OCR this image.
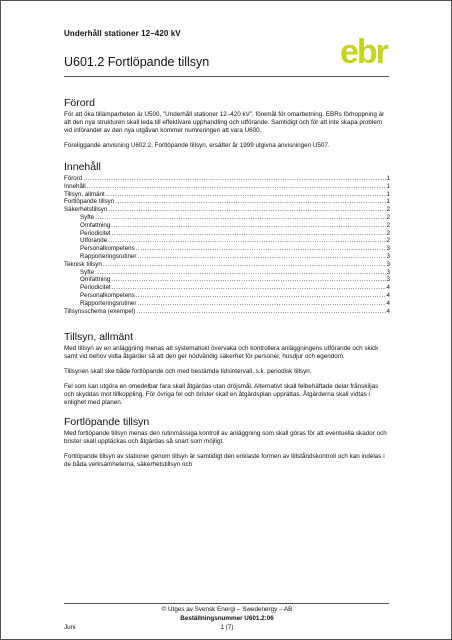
Underhåll stationer 12–420 kV
U601.2 Fortlöpande tillsyn	ebr
Förord

För att öka tillämparheten är U500, ”Underhåll stationer 12–420 kV”, föremål för omarbetning. EBRs förhoppning är att den nya strukturen skall leda till effektivare upphandling och utförande. Samtidigt och för att inte skapa problem vid införandet av den nya utgåvan kommer numreringen att vara U600.

Föreliggande anvisning U602.2, Fortlöpande tillsyn, ersätter år 1999 utgivna anvisningen U507.

Innehåll
Förord .....	1
Innehåll .....	1
Tillsyn, allmänt .....	1
Fortlöpande tillsyn .....	1
Säkerhetstillsyn .....	2
Syfte .....	2
Omfattning .....	2
Periodicitet .....	2
Utförande .....	2
Personalkompetens .....	3
Rapporteringsrutiner .....	3
Teknisk tillsyn .....	3
Syfte .....	3
Omfattning .....	3
Periodicitet .....	4
Personalkompetens .....	4
Rapporteringsrutiner .....	4
Tillsynsschema (exempel) .....	4
Tillsyn, allmänt

Med tillsyn av en anläggning menas att systematiskt övervaka och kontrollera anläggningens utförande och skick samt vid behov vidta åtgärder så att den ger nödvändig säkerhet för personer, husdjur och egendom.

Tillsynen skall ske både fortlöpande och med bestämda tidsintervall, s.k. periodisk tillsyn.

Fel som kan utgöra en omedelbar fara skall åtgärdas utan dröjsmål. Alternativt skall felbehäftade delar frånskiljas och skyddas mot tillkoppling. För övriga fel och brister skall en åtgärdsplan upprättas. Åtgärderna skall vidtas i enlighet med planen.

Fortlöpande tillsyn

Med fortlöpande tillsyn menas den rutinmässiga kontroll av anläggning som skall göras för att eventuella skador och brister skall upptäckas och åtgärdas så snart som möjligt.

Fortlöpande tillsyn av stationer genom tillsyn är samtidigt den enklaste formen av tillståndskontroll och kan indelas i de båda verksamheterna, säkerhetstillsyn och

© Utges av Svensk Energi – Swedenergy – AB
Beställningsnummer U601.2:06
Juni	1 (7)
